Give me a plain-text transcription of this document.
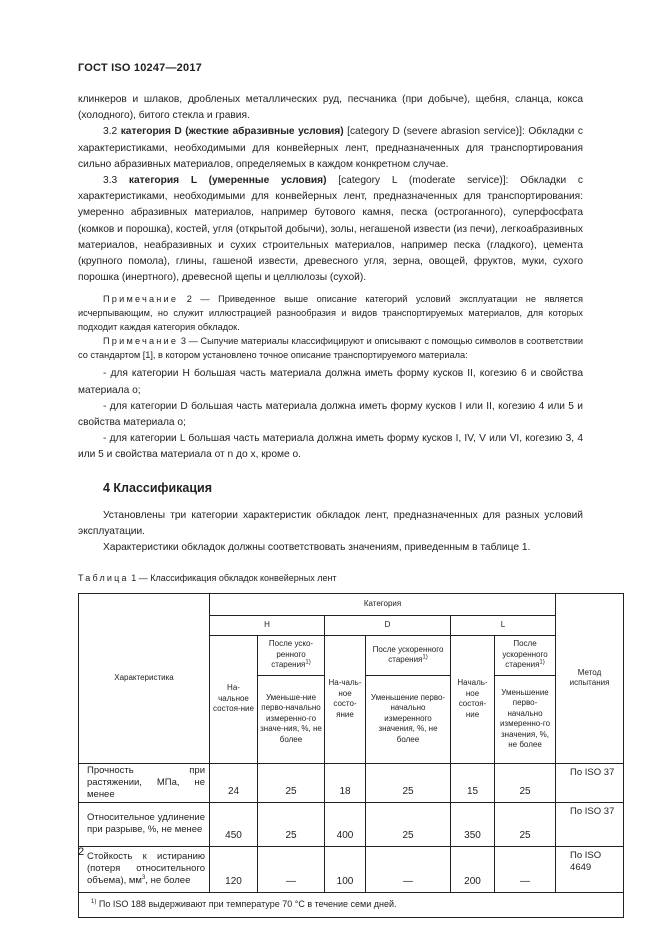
ГОСТ ISO 10247—2017

клинкеров и шлаков, дробленых металлических руд, песчаника (при добыче), щебня, сланца, кокса (холодного), битого стекла и гравия.

3.2 категория D (жесткие абразивные условия) [category D (severe abrasion service)]: Обкладки с характеристиками, необходимыми для конвейерных лент, предназначенных для транспортирования сильно абразивных материалов, определяемых в каждом конкретном случае.

3.3 категория L (умеренные условия) [category L (moderate service)]: Обкладки с характеристиками, необходимыми для конвейерных лент, предназначенных для транспортирования: умеренно абразивных материалов, например бутового камня, песка (остроганного), суперфосфата (комков и порошка), костей, угля (открытой добычи), золы, негашеной извести (из печи), легкоабразивных материалов, неабразивных и сухих строительных материалов, например песка (гладкого), цемента (крупного помола), глины, гашеной извести, древесного угля, зерна, овощей, фруктов, муки, сухого порошка (инертного), древесной щепы и целлюлозы (сухой).

Примечание 2 — Приведенное выше описание категорий условий эксплуатации не является исчерпывающим, но служит иллюстрацией разнообразия и видов транспортируемых материалов, для которых подходит каждая категория обкладок.

Примечание 3 — Сыпучие материалы классифицируют и описывают с помощью символов в соответствии со стандартом [1], в котором установлено точное описание транспортируемого материала:

- для категории H большая часть материала должна иметь форму кусков II, когезию 6 и свойства материала о;

- для категории D большая часть материала должна иметь форму кусков I или II, когезию 4 или 5 и свойства материала о;

- для категории L большая часть материала должна иметь форму кусков I, IV, V или VI, когезию 3, 4 или 5 и свойства материала от n до x, кроме о.

4 Классификация

Установлены три категории характеристик обкладок лент, предназначенных для разных условий эксплуатации.

Характеристики обкладок должны соответствовать значениям, приведенным в таблице 1.

Таблица 1 — Классификация обкладок конвейерных лент
Характеристика	Категория						Метод испытания
	H		D		L		
	На-чальное состоя-ние	После уско-ренного старения$^{1)}$	На-чаль-ное состо-яние	После ускоренного старения$^{1)}$	Началь-ное состоя-ние	После ускоренного старения$^{1)}$
		Уменьше-ние перво-начально измеренно-го значе-ния, %, не более		Уменьшение перво-начально измеренного значения, %, не более		Уменьшение перво-начально измеренно-го значения, %, не более	
Прочность при растяжении, МПа, не менее	24	25	18	25	15	25	По ISO 37
Относительное удлинение при разрыве, %, не менее	450	25	400	25	350	25	По ISO 37
Стойкость к истиранию (потеря относительного объема), $мм^3$, не более	120	—	100	—	200	—	По ISO 4649
$^{1)}$ По ISO 188 выдерживают при температуре 70 °С в течение семи дней.							
2
